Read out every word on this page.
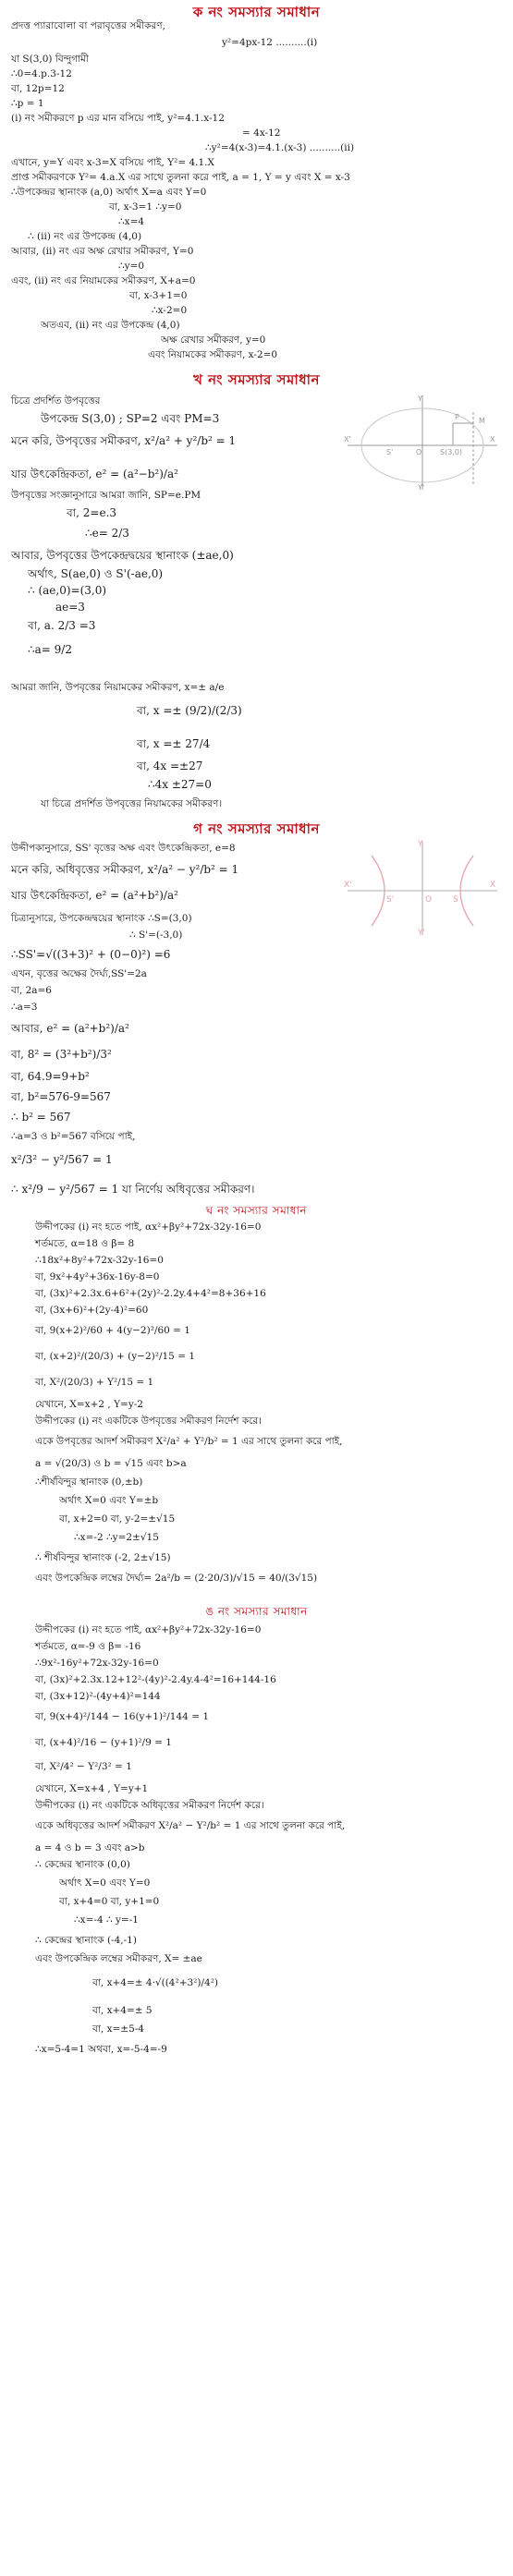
ক নং সমস্যার সমাধান
প্রদত্ত প্যারাবোলা বা পরাবৃত্তের সমীকরণ,
y²=4px-12 ..........(i)
যা S(3,0) বিন্দুগামী
∴0=4.p.3-12
বা, 12p=12
∴p = 1
(i) নং সমীকরণে p এর মান বসিয়ে পাই, y²=4.1.x-12
= 4x-12
∴y²=4(x-3)=4.1.(x-3) ..........(ii)
এখানে, y=Y এবং x-3=X বসিয়ে পাই, Y²= 4.1.X
প্রাপ্ত সমীকরণকে Y²= 4.a.X এর সাথে তুলনা করে পাই, a = 1, Y = y এবং X = x-3
∴উপকেন্দ্রর স্থানাংক (a,0) অর্থাৎ X=a এবং Y=0
বা, x-3=1 ∴y=0
∴x=4
∴ (ii) নং এর উপকেন্দ্র (4,0)
আবার, (ii) নং এর অক্ষ রেখার সমীকরণ, Y=0
∴y=0
এবং, (ii) নং এর নিয়ামকের সমীকরণ, X+a=0
বা, x-3+1=0
∴x-2=0
অতএব, (ii) নং এর উপকেন্দ্র (4,0)
অক্ষ রেখার সমীকরণ, y=0
এবং নিয়ামকের সমীকরণ, x-2=0
খ নং সমস্যার সমাধান
চিত্রে প্রদর্শিত উপবৃত্তের
উপকেন্দ্র S(3,0) ; SP=2 এবং PM=3
মনে করি, উপবৃত্তের সমীকরণ, x²/a² + y²/b² = 1
যার উৎকেন্দ্রিকতা, e² = (a²−b²)/a²
উপবৃত্তের সংজ্ঞানুসারে আমরা জানি, SP=e.PM
বা, 2=e.3
∴e= 2/3
আবার, উপবৃত্তের উপকেন্দ্রদ্বয়ের স্থানাংক (±ae,0)
অর্থাৎ, S(ae,0) ও S'(-ae,0)
∴ (ae,0)=(3,0)
ae=3
বা, a. 2/3 =3
∴a= 9/2
আমরা জানি, উপবৃত্তের নিয়ামকের সমীকরণ, x=± a/e
বা, x =± (9/2)/(2/3)
বা, x =± 27/4
বা, 4x =±27
∴4x ±27=0
যা চিত্রে প্রদর্শিত উপবৃত্তের নিয়ামকের সমীকরণ।
Y
P	M
X'	X
S'	O S(3,0)
Y'
গ নং সমস্যার সমাধান
উদ্দীপকানুসারে, SS' বৃত্তের অক্ষ এবং উৎকেন্দ্রিকতা, e=8
মনে করি, অধিবৃত্তের সমীকরণ, x²/a² − y²/b² = 1
যার উৎকেন্দ্রিকতা, e² = (a²+b²)/a²
চিত্রানুসারে, উপকেন্দ্রদ্বয়ের স্থানাংক ∴S=(3,0)
∴ S'=(-3,0)
∴SS'=√((3+3)² + (0−0)²) =6
এখন, বৃত্তের অক্ষের দৈর্ঘ্য,SS'=2a
বা, 2a=6
∴a=3
আবার, e² = (a²+b²)/a²
বা, 8² = (3²+b²)/3²
বা, 64.9=9+b²
বা, b²=576-9=567
∴ b² = 567
∴a=3 ও b²=567 বসিয়ে পাই,
x²/3² − y²/567 = 1
∴ x²/9 − y²/567 = 1 যা নির্ণেয় অধিবৃত্তের সমীকরণ।
Y
X'	X
S'	O	S
Y'
ঘ নং সমস্যার সমাধান
উদ্দীপকের (i) নং হতে পাই, αx²+βy²+72x-32y-16=0
শর্তমতে, α=18 ও β= 8
∴18x²+8y²+72x-32y-16=0
বা, 9x²+4y²+36x-16y-8=0
বা, (3x)²+2.3x.6+6²+(2y)²-2.2y.4+4²=8+36+16
বা, (3x+6)²+(2y-4)²=60
বা, 9(x+2)²/60 + 4(y−2)²/60 = 1
বা, (x+2)²/(20/3) + (y−2)²/15 = 1
বা, X²/(20/3) + Y²/15 = 1
যেখানে, X=x+2 , Y=y-2
উদ্দীপকের (i) নং একটিকে উপবৃত্তের সমীকরণ নির্দেশ করে।
একে উপবৃত্তের আদর্শ সমীকরণ X²/a² + Y²/b² = 1 এর সাথে তুলনা করে পাই,
a = √(20/3) ও b = √15 এবং b>a
∴শীর্ষবিন্দুর স্থানাংক (0,±b)
অর্থাৎ X=0 এবং Y=±b
বা, x+2=0 বা, y-2=±√15
∴x=-2 ∴y=2±√15
∴ শীর্ষবিন্দুর স্থানাংক (-2, 2±√15)
এবং উপকেন্দ্রিক লম্বের দৈর্ঘ্য= 2a²/b = (2·20/3)/√15 = 40/(3√15)
ঙ নং সমস্যার সমাধান
উদ্দীপকের (i) নং হতে পাই, αx²+βy²+72x-32y-16=0
শর্তমতে, α=-9 ও β= -16
∴9x²-16y²+72x-32y-16=0
বা, (3x)²+2.3x.12+12²-(4y)²-2.4y.4-4²=16+144-16
বা, (3x+12)²-(4y+4)²=144
বা, 9(x+4)²/144 − 16(y+1)²/144 = 1
বা, (x+4)²/16 − (y+1)²/9 = 1
বা, X²/4² − Y²/3² = 1
যেখানে, X=x+4 , Y=y+1
উদ্দীপকের (i) নং একটিকে অধিবৃত্তের সমীকরণ নির্দেশ করে।
একে অধিবৃত্তের আদর্শ সমীকরণ X²/a² − Y²/b² = 1 এর সাথে তুলনা করে পাই,
a = 4 ও b = 3 এবং a>b
∴ কেন্দ্রের স্থানাংক (0,0)
অর্থাৎ X=0 এবং Y=0
বা, x+4=0 বা, y+1=0
∴x=-4 ∴ y=-1
∴ কেন্দ্রের স্থানাংক (-4,-1)
এবং উপকেন্দ্রিক লম্বের সমীকরণ, X= ±ae
বা, x+4=± 4·√((4²+3²)/4²)
বা, x+4=± 5
বা, x=±5-4
∴x=5-4=1 অথবা, x=-5-4=-9
